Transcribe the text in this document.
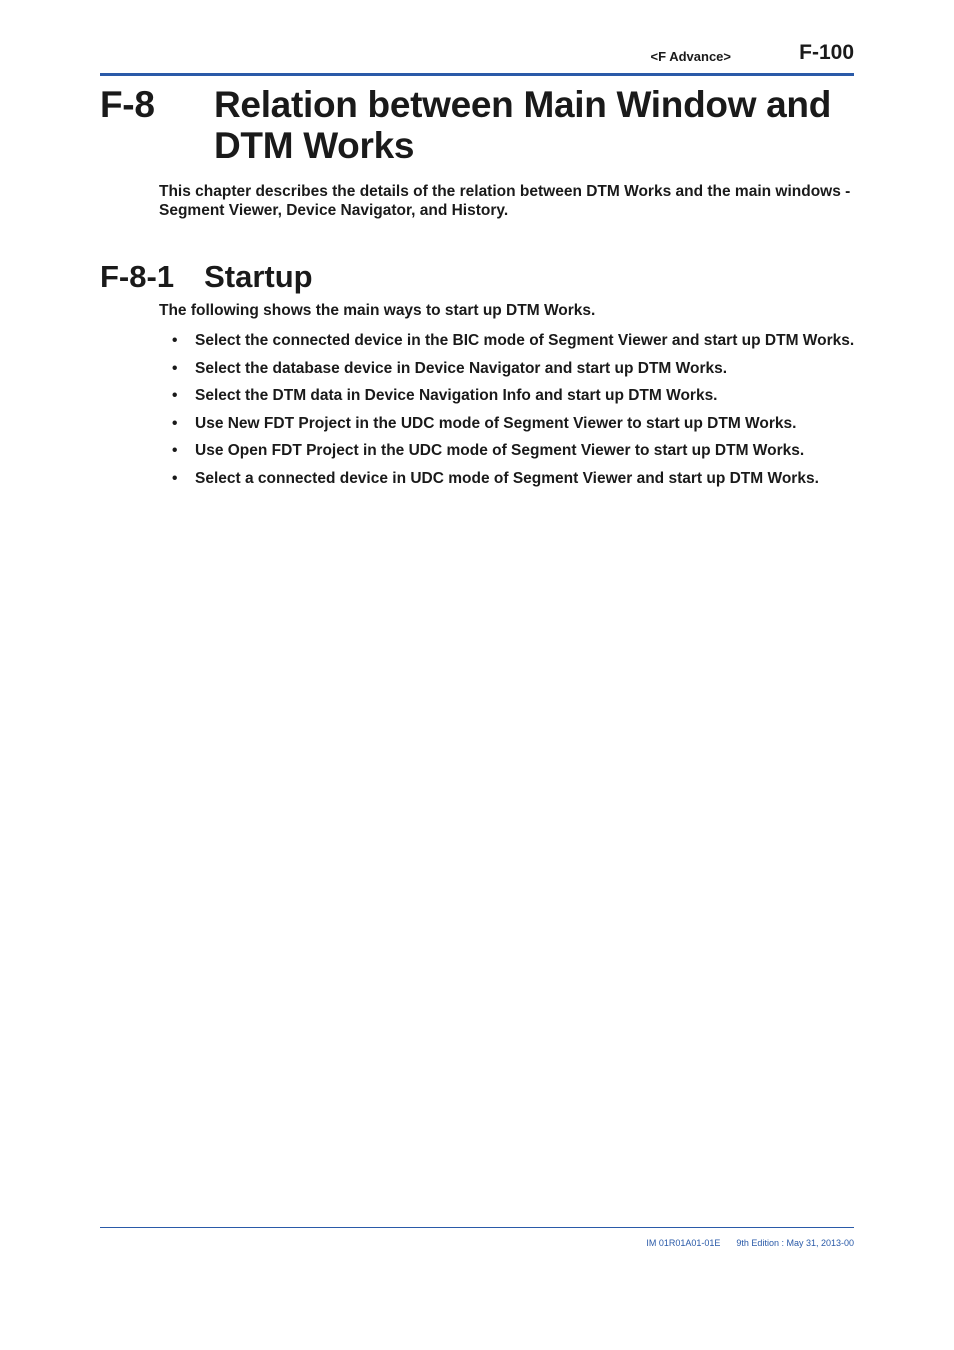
<F Advance>	F-100
F-8 Relation between Main Window and DTM Works
This chapter describes the details of the relation between DTM Works and the main windows - Segment Viewer, Device Navigator, and History.
F-8-1 Startup
The following shows the main ways to start up DTM Works.
• Select the connected device in the BIC mode of Segment Viewer and start up DTM Works.
• Select the database device in Device Navigator and start up DTM Works.
• Select the DTM data in Device Navigation Info and start up DTM Works.
• Use New FDT Project in the UDC mode of Segment Viewer to start up DTM Works.
• Use Open FDT Project in the UDC mode of Segment Viewer to start up DTM Works.
• Select a connected device in UDC mode of Segment Viewer and start up DTM Works.
IM 01R01A01-01E 9th Edition : May 31, 2013-00
